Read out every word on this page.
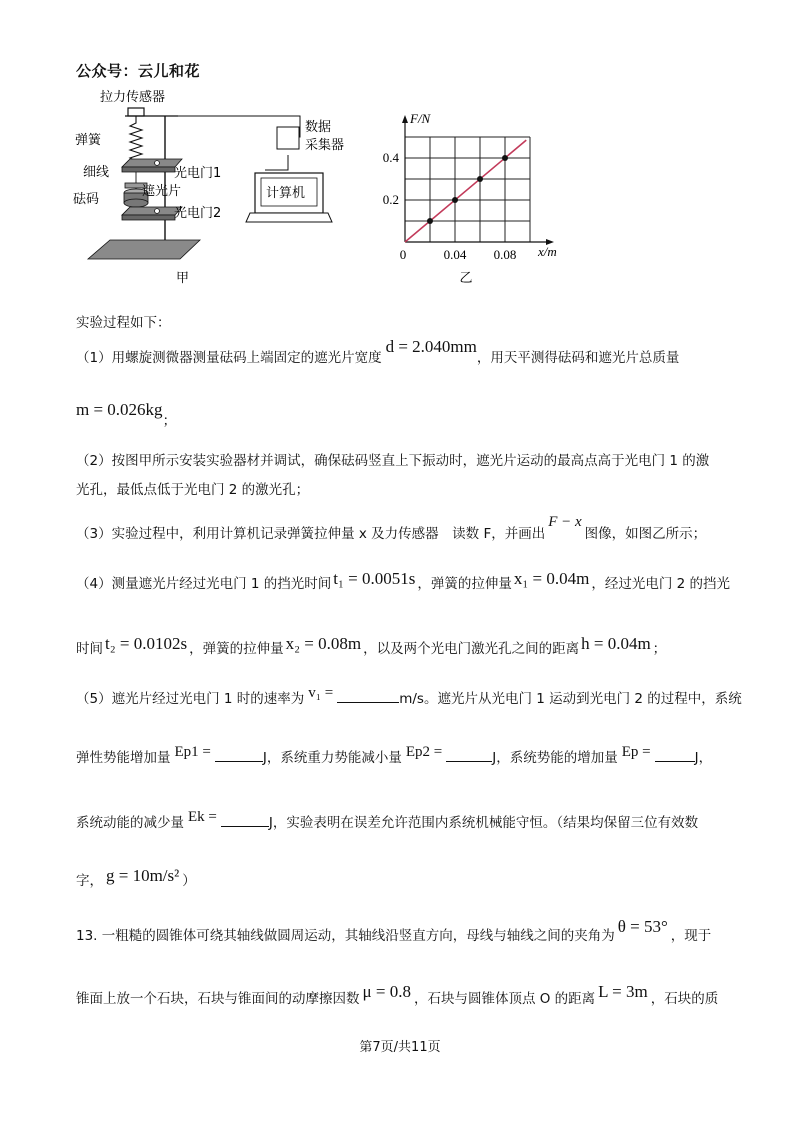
公众号：云儿和花
拉力传感器
弹簧
细线	光电门1
遮光片
砝码
光电门2
数据
采集器
计算机
甲
0.04 0.08
0.2
0.4
F/N
x/m
0
乙
实验过程如下：
（1）用螺旋测微器测量砝码上端固定的遮光片宽度d = 2.040mm，用天平测得砝码和遮光片总质量
m = 0.026kg；
（2）按图甲所示安装实验器材并调试，确保砝码竖直上下振动时，遮光片运动的最高点高于光电门 1 的激
光孔，最低点低于光电门 2 的激光孔；
（3）实验过程中，利用计算机记录弹簧拉伸量 x 及力传感器　读数 F，并画出F − x图像，如图乙所示；
（4）测量遮光片经过光电门 1 的挡光时间 t₁ = 0.0051s ，弹簧的拉伸量 x₁ = 0.04m ，经过光电门 2 的挡光
时间 t₂ = 0.0102s ，弹簧的拉伸量 x₂ = 0.08m ，以及两个光电门激光孔之间的距离 h = 0.04m ；
（5）遮光片经过光电门 1 时的速率为 v₁ =	m/s。遮光片从光电门 1 运动到光电门 2 的过程中，系统
弹性势能增加量 Ep1 =	J，系统重力势能减小量 Ep2 =	J，系统势能的增加量 Ep =	J，
系统动能的减少量 Ek =	J，实验表明在误差允许范围内系统机械能守恒。（结果均保留三位有效数
字， g = 10m/s² ）
13. 一粗糙的圆锥体可绕其轴线做圆周运动，其轴线沿竖直方向，母线与轴线之间的夹角为 θ = 53° ，现于
锥面上放一个石块，石块与锥面间的动摩擦因数 μ = 0.8 ，石块与圆锥体顶点 O 的距离 L = 3m ，石块的质
第7页/共11页
